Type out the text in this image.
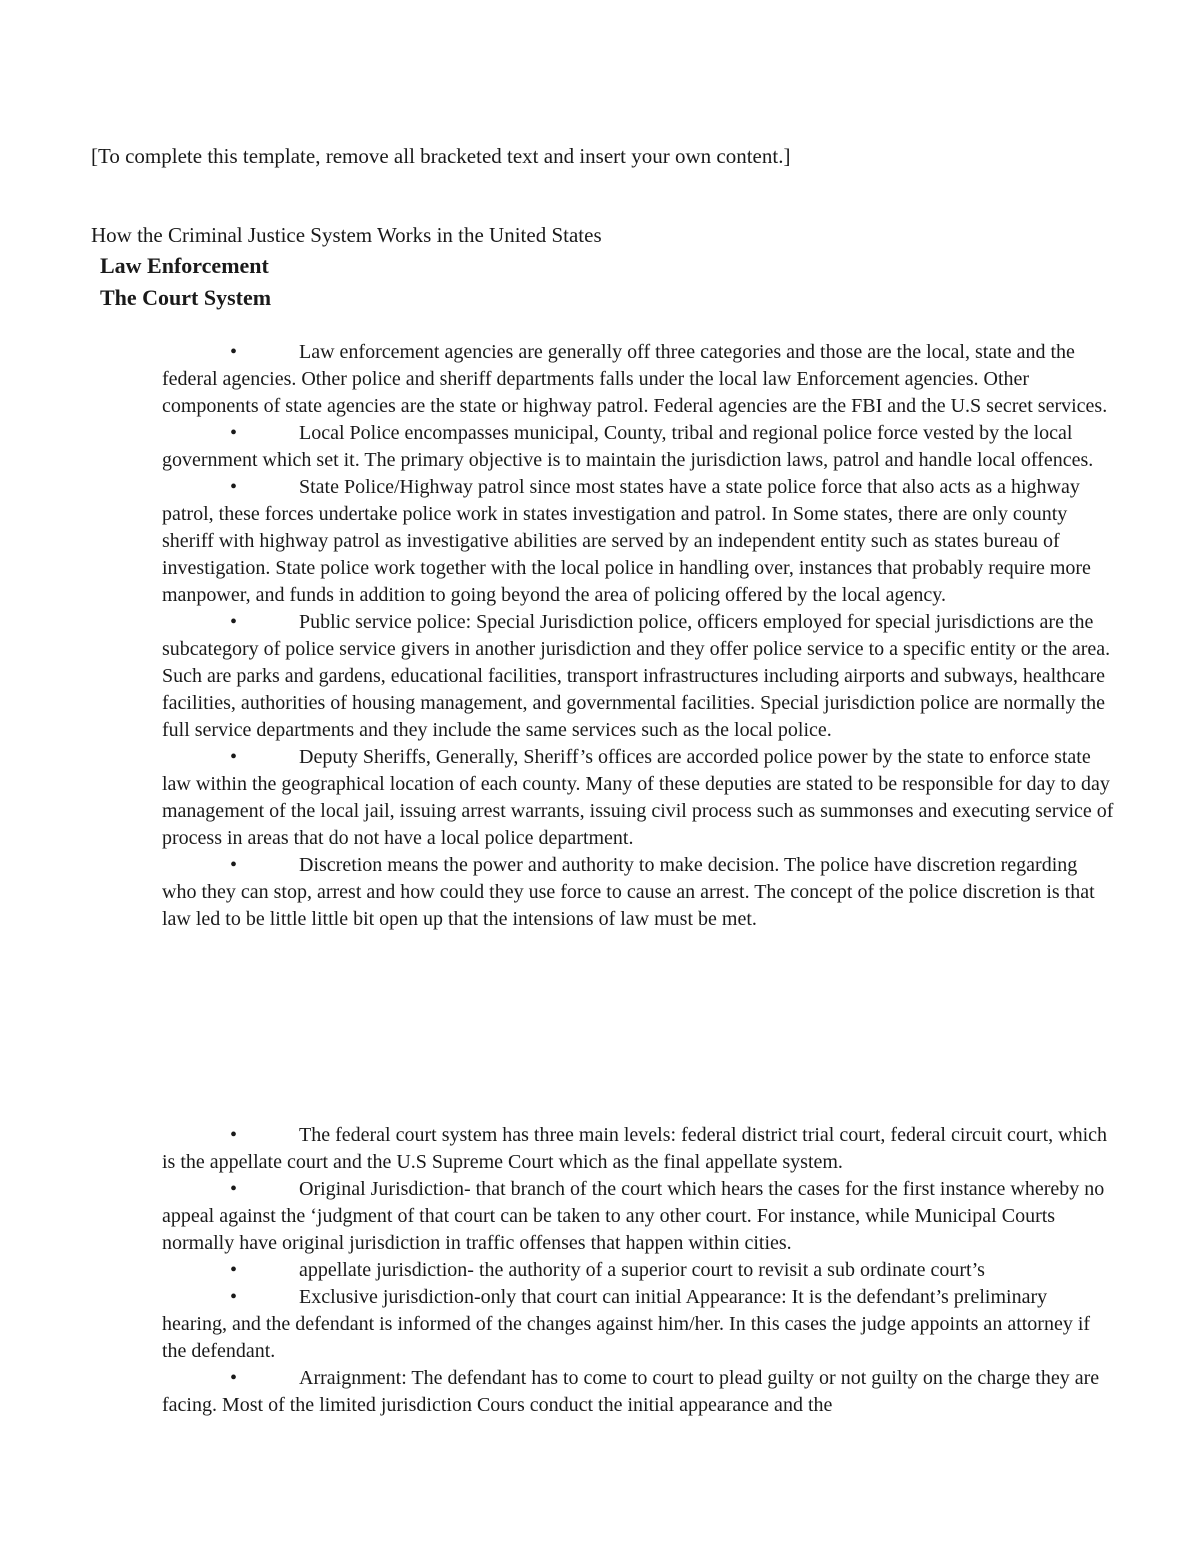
[To complete this template, remove all bracketed text and insert your own content.]
How the Criminal Justice System Works in the United States
Law Enforcement
The Court System

•	Law enforcement agencies are generally off three categories and those are the local, state and the federal agencies. Other police and sheriff departments falls under the local law Enforcement agencies. Other components of state agencies are the state or highway patrol. Federal agencies are the FBI and the U.S secret services.

•	Local Police encompasses municipal, County, tribal and regional police force vested by the local government which set it. The primary objective is to maintain the jurisdiction laws, patrol and handle local offences.

•	State Police/Highway patrol since most states have a state police force that also acts as a highway patrol, these forces undertake police work in states investigation and patrol. In Some states, there are only county sheriff with highway patrol as investigative abilities are served by an independent entity such as states bureau of investigation. State police work together with the local police in handling over, instances that probably require more manpower, and funds in addition to going beyond the area of policing offered by the local agency.

•	Public service police: Special Jurisdiction police, officers employed for special jurisdictions are the subcategory of police service givers in another jurisdiction and they offer police service to a specific entity or the area. Such are parks and gardens, educational facilities, transport infrastructures including airports and subways, healthcare facilities, authorities of housing management, and governmental facilities. Special jurisdiction police are normally the full service departments and they include the same services such as the local police.

•	Deputy Sheriffs, Generally, Sheriff’s offices are accorded police power by the state to enforce state law within the geographical location of each county. Many of these deputies are stated to be responsible for day to day management of the local jail, issuing arrest warrants, issuing civil process such as summonses and executing service of process in areas that do not have a local police department.

•	Discretion means the power and authority to make decision. The police have discretion regarding who they can stop, arrest and how could they use force to cause an arrest. The concept of the police discretion is that law led to be little little bit open up that the intensions of law must be met.

•	The federal court system has three main levels: federal district trial court, federal circuit court, which is the appellate court and the U.S Supreme Court which as the final appellate system.

•	Original Jurisdiction- that branch of the court which hears the cases for the first instance whereby no appeal against the ‘judgment of that court can be taken to any other court. For instance, while Municipal Courts normally have original jurisdiction in traffic offenses that happen within cities.

•	appellate jurisdiction- the authority of a superior court to revisit a sub ordinate court’s

•	Exclusive jurisdiction-only that court can initial Appearance: It is the defendant’s preliminary hearing, and the defendant is informed of the changes against him/her. In this cases the judge appoints an attorney if the defendant.

•	Arraignment: The defendant has to come to court to plead guilty or not guilty on the charge they are facing. Most of the limited jurisdiction Cours conduct the initial appearance and the
